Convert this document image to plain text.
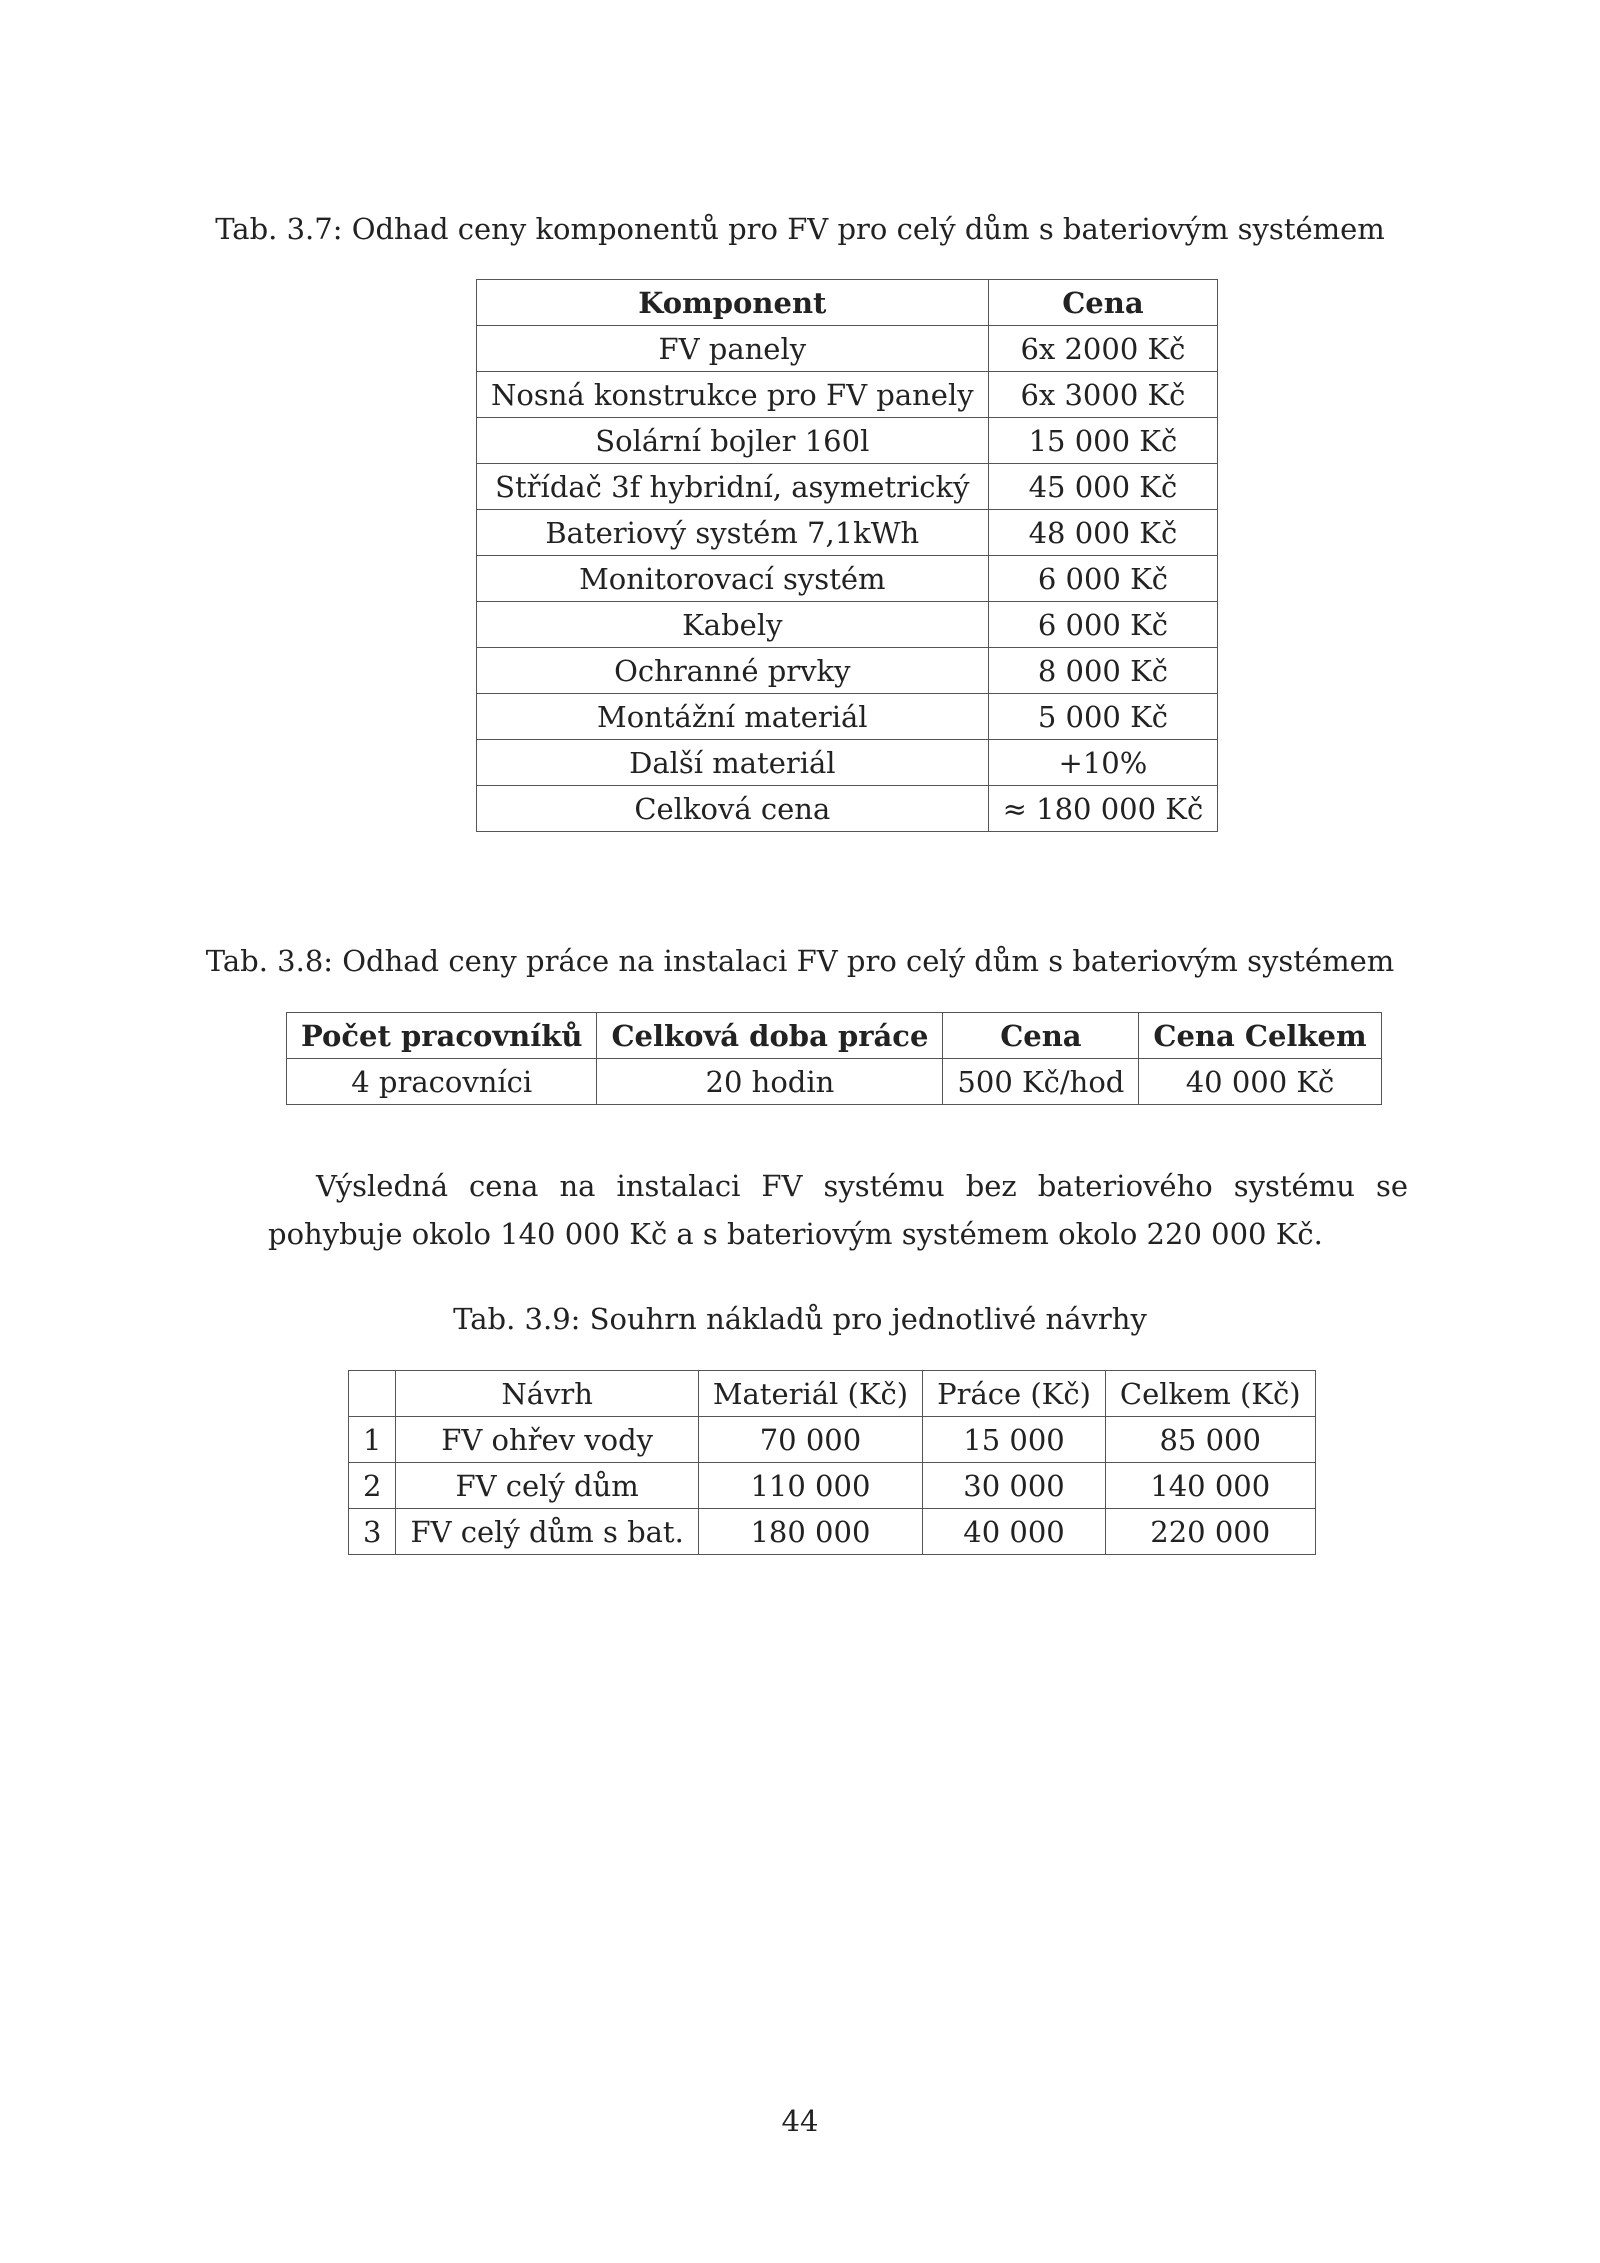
Tab. 3.7: Odhad ceny komponentů pro FV pro celý dům s bateriovým systémem
Komponent	Cena
FV panely	6x 2000 Kč
Nosná konstrukce pro FV panely	6x 3000 Kč
Solární bojler 160l	15 000 Kč
Střídač 3f hybridní, asymetrický	45 000 Kč
Bateriový systém 7,1kWh	48 000 Kč
Monitorovací systém	6 000 Kč
Kabely	6 000 Kč
Ochranné prvky	8 000 Kč
Montážní materiál	5 000 Kč
Další materiál	+10%
Celková cena	≈ 180 000 Kč
Tab. 3.8: Odhad ceny práce na instalaci FV pro celý dům s bateriovým systémem
Počet pracovníků	Celková doba práce	Cena	Cena Celkem
4 pracovníci	20 hodin	500 Kč/hod	40 000 Kč

Výsledná cena na instalaci FV systému bez bateriového systému se pohybuje okolo 140 000 Kč a s bateriovým systémem okolo 220 000 Kč.

Tab. 3.9: Souhrn nákladů pro jednotlivé návrhy
	Návrh	Materiál (Kč)	Práce (Kč)	Celkem (Kč)
1	FV ohřev vody	70 000	15 000	85 000
2	FV celý dům	110 000	30 000	140 000
3	FV celý dům s bat.	180 000	40 000	220 000
44
